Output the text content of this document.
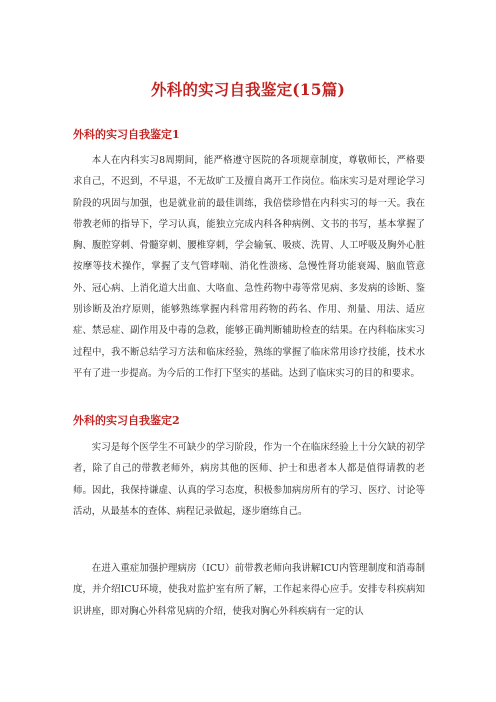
外科的实习自我鉴定(15篇)
外科的实习自我鉴定1

本人在内科实习8周期间，能严格遵守医院的各项规章制度，尊敬师长，严格要求自己，不迟到，不早退，不无故旷工及擅自离开工作岗位。临床实习是对理论学习阶段的巩固与加强，也是就业前的最佳训练，我倍偿珍惜在内科实习的每一天。我在带教老师的指导下，学习认真，能独立完成内科各种病例、文书的书写，基本掌握了胸、腹腔穿刺、骨髓穿刺、腰椎穿刺，学会输氧、吸痰、洗胃、人工呼吸及胸外心脏按摩等技术操作，掌握了支气管哮喘、消化性溃疡、急慢性肾功能衰竭、脑血管意外、冠心病、上消化道大出血、大咯血、急性药物中毒等常见病、多发病的诊断、鉴别诊断及治疗原则，能够熟练掌握内科常用药物的药名、作用、剂量、用法、适应症、禁忌症、副作用及中毒的急救，能够正确判断辅助检查的结果。在内科临床实习过程中，我不断总结学习方法和临床经验，熟练的掌握了临床常用诊疗技能，技术水平有了进一步提高。为今后的工作打下坚实的基础。达到了临床实习的目的和要求。

外科的实习自我鉴定2

实习是每个医学生不可缺少的学习阶段，作为一个在临床经验上十分欠缺的初学者，除了自己的带教老师外，病房其他的医师、护士和患者本人都是值得请教的老师。因此，我保持谦虚、认真的学习态度，积极参加病房所有的学习、医疗、讨论等活动，从最基本的查体、病程记录做起，逐步磨练自己。

在进入重症加强护理病房（ICU）前带教老师向我讲解ICU内管理制度和消毒制度，并介绍ICU环境，使我对监护室有所了解，工作起来得心应手。安排专科疾病知识讲座，即对胸心外科常见病的介绍，使我对胸心外科疾病有一定的认
